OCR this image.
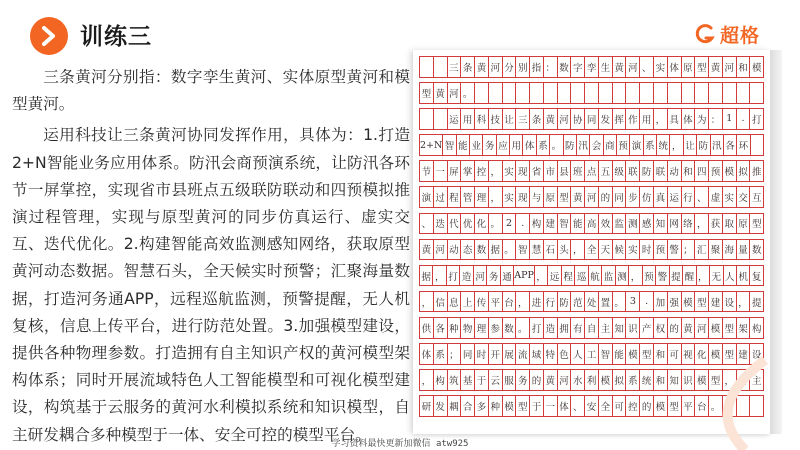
训练三	超格

三条黄河分别指：数字孪生黄河、实体原型黄河和模型黄河。

运用科技让三条黄河协同发挥作用，具体为：1.打造2+N智能业务应用体系。防汛会商预演系统，让防汛各环节一屏掌控，实现省市县班点五级联防联动和四预模拟推演过程管理，实现与原型黄河的同步仿真运行、虚实交互、迭代优化。2.构建智能高效监测感知网络，获取原型黄河动态数据。智慧石头，全天候实时预警；汇聚海量数据，打造河务通APP，远程巡航监测，预警提醒，无人机复核，信息上传平台，进行防范处置。3.加强模型建设，提供各种物理参数。打造拥有自主知识产权的黄河模型架构体系；同时开展流域特色人工智能模型和可视化模型建设，构筑基于云服务的黄河水利模拟系统和知识模型，自主研发耦合多种模型于一体、安全可控的模型平台。

三 条 黄 河 分 别 指 ： 数 字 孪 生 黄 河 、 实 体 原 型 黄 河 和 模
型 黄 河 。
运 用 科 技 让 三 条 黄 河 协 同 发 挥 作 用 ， 具 体 为 ： 1 . 打
2+N 智 能 业 务 应 用 体 系 。 防 汛 会 商 预 演 系 统 ， 让 防 汛 各 环
节 一 屏 掌 控 ， 实 现 省 市 县 班 点 五 级 联 防 联 动 和 四 预 模 拟 推
演 过 程 管 理 ， 实 现 与 原 型 黄 河 的 同 步 仿 真 运 行 、 虚 实 交 互
、 迭 代 优 化 。 2 . 构 建 智 能 高 效 监 测 感 知 网 络 ， 获 取 原 型
黄 河 动 态 数 据 。 智 慧 石 头 ， 全 天 候 实 时 预 警 ； 汇 聚 海 量 数
据 ， 打 造 河 务 通 APP ， 远 程 巡 航 监 测 ， 预 警 提 醒 ， 无 人 机 复
， 信 息 上 传 平 台 ， 进 行 防 范 处 置 。 3 . 加 强 模 型 建 设 ， 提
供 各 种 物 理 参 数 。 打 造 拥 有 自 主 知 识 产 权 的 黄 河 模 型 架 构
体 系 ； 同 时 开 展 流 域 特 色 人 工 智 能 模 型 和 可 视 化 模 型 建 设
， 构 筑 基 于 云 服 务 的 黄 河 水 利 模 拟 系 统 和 知 识 模 型 ， 自 主
研 发 耦 合 多 种 模 型 于 一 体 、 安 全 可 控 的 模 型 平 台 。
学习资料最快更新加微信 atw925
